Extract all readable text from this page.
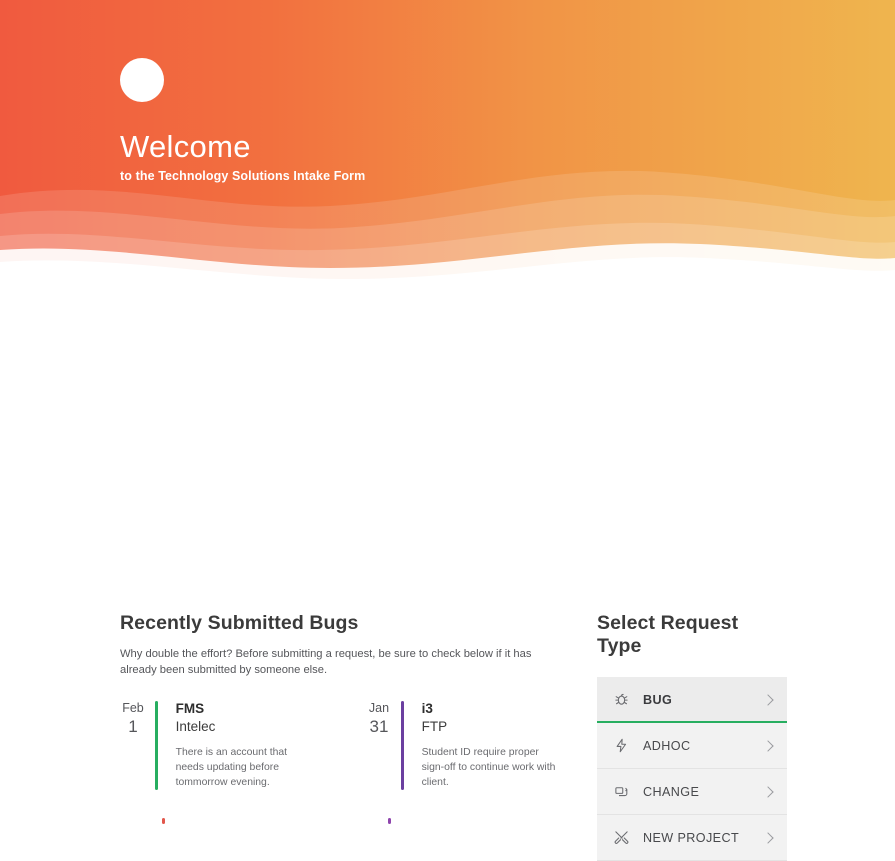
Welcome
to the Technology Solutions Intake Form
Recently Submitted Bugs
Why double the effort? Before submitting a request, be sure to check below if it has already been submitted by someone else.
Feb
1
FMS
Intelec
There is an account that needs updating before tommorrow evening.
Jan
31
i3
FTP
Student ID require proper sign-off to continue work with client.
Select Request Type
BUG
ADHOC
CHANGE
NEW PROJECT
